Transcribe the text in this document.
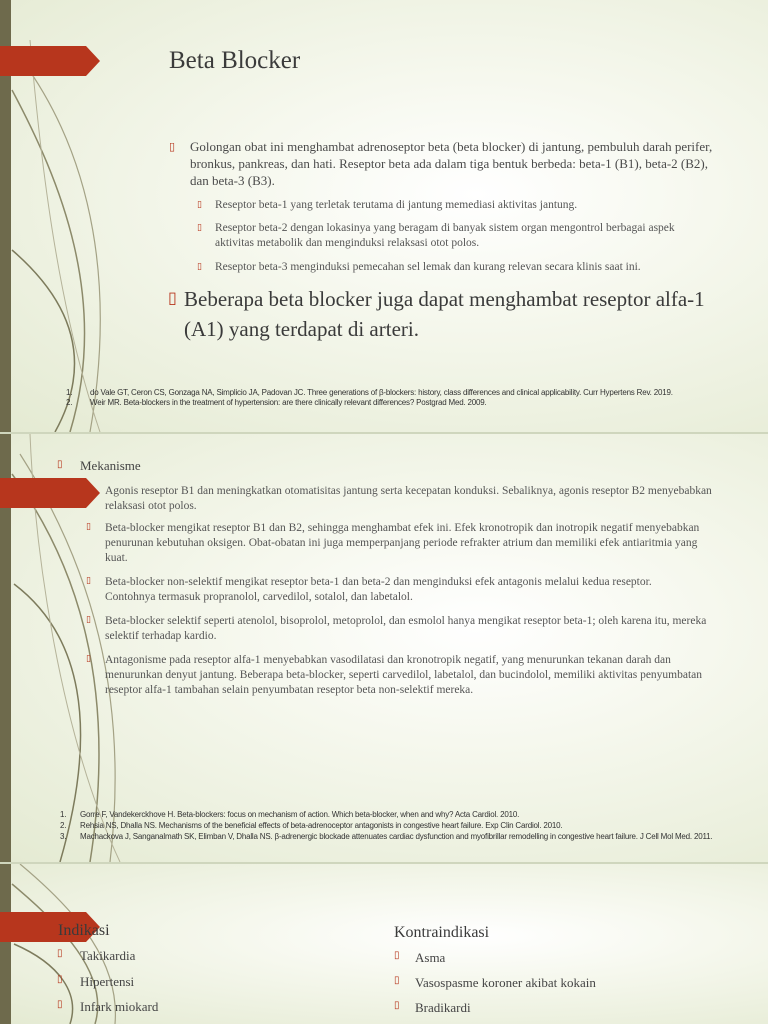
Beta Blocker
▯ Golongan obat ini menghambat adrenoseptor beta (beta blocker) di jantung, pembuluh darah perifer, bronkus, pankreas, dan hati. Reseptor beta ada dalam tiga bentuk berbeda: beta-1 (B1), beta-2 (B2), dan beta-3 (B3).
▯ Reseptor beta-1 yang terletak terutama di jantung memediasi aktivitas jantung.
▯ Reseptor beta-2 dengan lokasinya yang beragam di banyak sistem organ mengontrol berbagai aspek aktivitas metabolik dan menginduksi relaksasi otot polos.
▯ Reseptor beta-3 menginduksi pemecahan sel lemak dan kurang relevan secara klinis saat ini.
▯ Beberapa beta blocker juga dapat menghambat reseptor alfa-1 (A1) yang terdapat di arteri.
1. do Vale GT, Ceron CS, Gonzaga NA, Simplicio JA, Padovan JC. Three generations of β-blockers: history, class differences and clinical applicability. Curr Hypertens Rev. 2019.
2. Weir MR. Beta-blockers in the treatment of hypertension: are there clinically relevant differences? Postgrad Med. 2009.
▯ Mekanisme
Agonis reseptor B1 dan meningkatkan otomatisitas jantung serta kecepatan konduksi. Sebaliknya, agonis reseptor B2 menyebabkan relaksasi otot polos.
▯ Beta-blocker mengikat reseptor B1 dan B2, sehingga menghambat efek ini. Efek kronotropik dan inotropik negatif menyebabkan penurunan kebutuhan oksigen. Obat-obatan ini juga memperpanjang periode refrakter atrium dan memiliki efek antiaritmia yang kuat.
▯ Beta-blocker non-selektif mengikat reseptor beta-1 dan beta-2 dan menginduksi efek antagonis melalui kedua reseptor. Contohnya termasuk propranolol, carvedilol, sotalol, dan labetalol.
▯ Beta-blocker selektif seperti atenolol, bisoprolol, metoprolol, dan esmolol hanya mengikat reseptor beta-1; oleh karena itu, mereka selektif terhadap kardio.
▯ Antagonisme pada reseptor alfa-1 menyebabkan vasodilatasi dan kronotropik negatif, yang menurunkan tekanan darah dan menurunkan denyut jantung. Beberapa beta-blocker, seperti carvedilol, labetalol, dan bucindolol, memiliki aktivitas penyumbatan reseptor alfa-1 tambahan selain penyumbatan reseptor beta non-selektif mereka.
1. Gorre F, Vandekerckhove H. Beta-blockers: focus on mechanism of action. Which beta-blocker, when and why? Acta Cardiol. 2010.
2. Rehsia NS, Dhalla NS. Mechanisms of the beneficial effects of beta-adrenoceptor antagonists in congestive heart failure. Exp Clin Cardiol. 2010.
3. Machackova J, Sanganalmath SK, Elimban V, Dhalla NS. β-adrenergic blockade attenuates cardiac dysfunction and myofibrillar remodelling in congestive heart failure. J Cell Mol Med. 2011.
Indikasi
▯ Takikardia
▯ Hipertensi
▯ Infark miokard
Kontraindikasi
▯ Asma
▯ Vasospasme koroner akibat kokain
▯ Bradikardi
